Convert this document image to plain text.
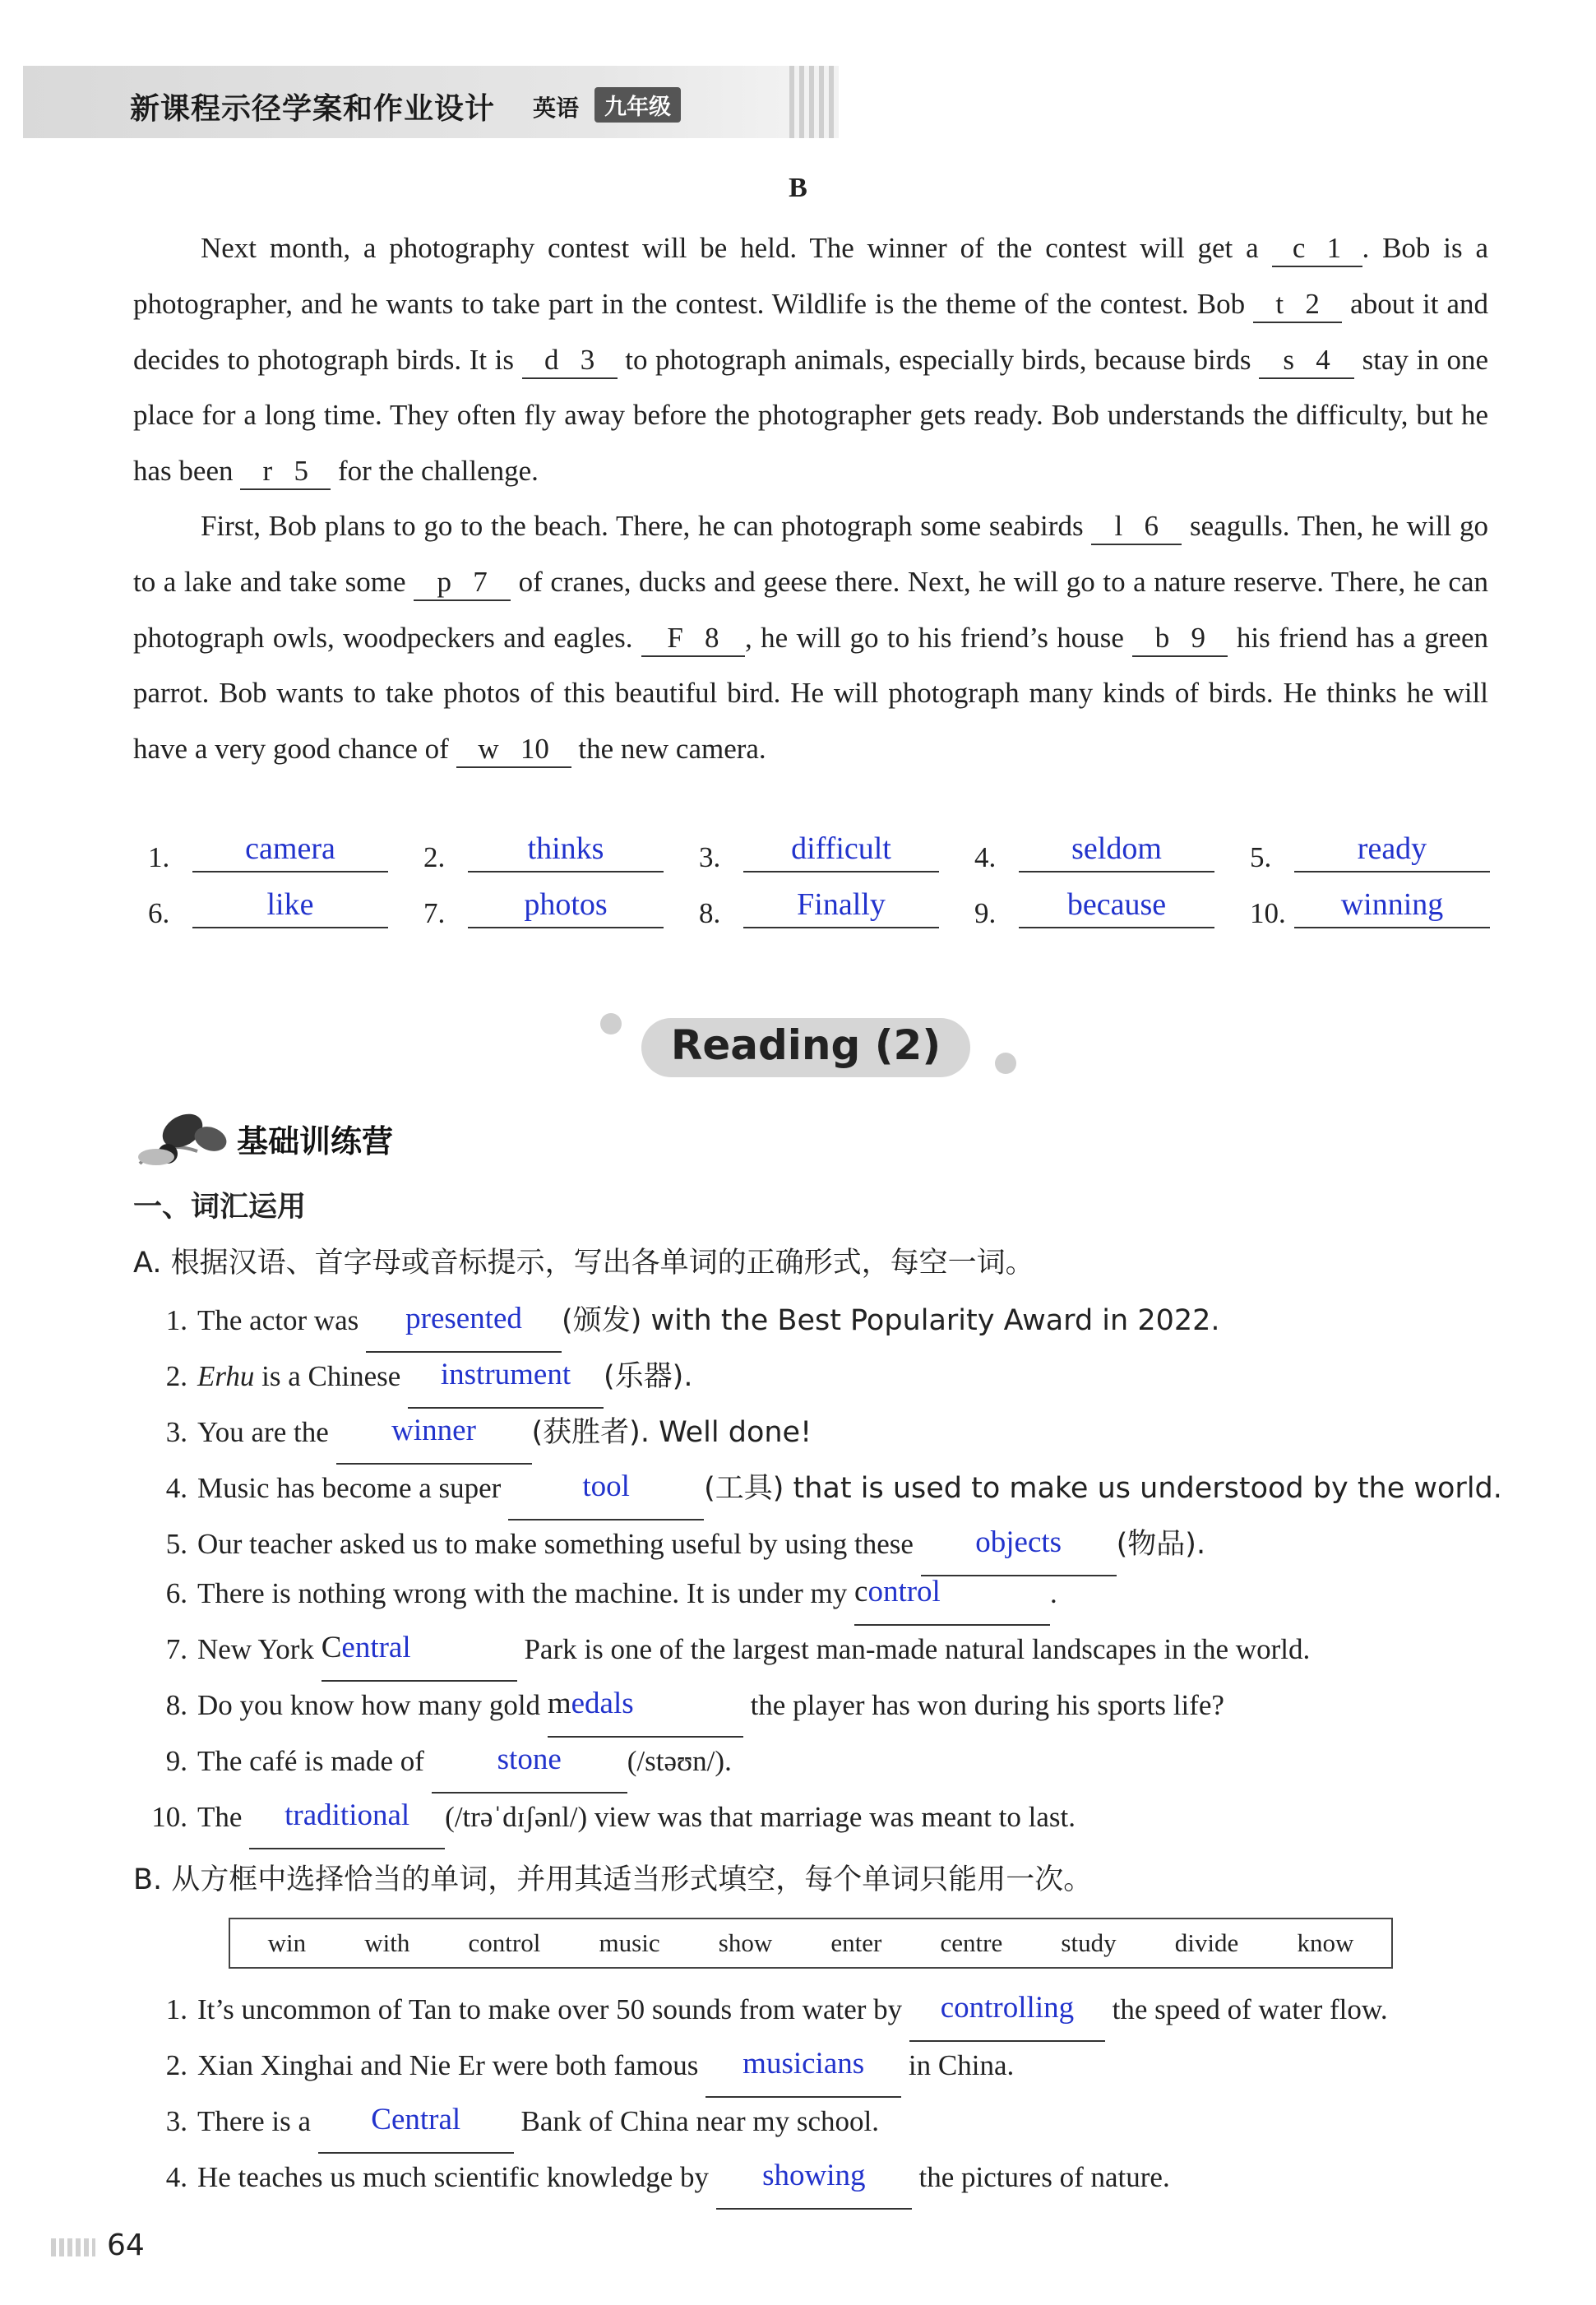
新课程示径学案和作业设计 英语	九年级
B

Next month, a photography contest will be held. The winner of the contest will get a c 1 . Bob is a photographer, and he wants to take part in the contest. Wildlife is the theme of the contest. Bob t 2 about it and decides to photograph birds. It is d 3 to photograph animals, especially birds, because birds s 4 stay in one place for a long time. They often fly away before the photographer gets ready. Bob understands the difficulty, but he has been r 5 for the challenge.

First, Bob plans to go to the beach. There, he can photograph some seabirds l 6 seagulls. Then, he will go to a lake and take some p 7 of cranes, ducks and geese there. Next, he will go to a nature reserve. There, he can photograph owls, woodpeckers and eagles. F 8 , he will go to his friend’s house b 9 his friend has a green parrot. Bob wants to take photos of this beautiful bird. He will photograph many kinds of birds. He thinks he will have a very good chance of w 10 the new camera.

1.	camera	2.	thinks	3.	difficult	4.	seldom	5.	ready
6.	like	7.	photos	8.	Finally	9.	because	10.	winning
Reading (2)
基础训练营
一、词汇运用
A. 根据汉语、首字母或音标提示，写出各单词的正确形式，每空一词。
1. The actor was presented (颁发) with the Best Popularity Award in 2022.
2. Erhu is a Chinese instrument (乐器).
3. You are the winner (获胜者). Well done!
4. Music has become a super tool	(工具) that is used to make us understood by the world.
5. Our teacher asked us to make something useful by using these objects (物品).
6. There is nothing wrong with the machine. It is under my control	.
7. New York Central	Park is one of the largest man-made natural landscapes in the world.
8. Do you know how many gold medals	the player has won during his sports life?
9. The café is made of stone (/stəʊn/).
10. The traditional (/trəˈdɪʃənl/) view was that marriage was meant to last.
B. 从方框中选择恰当的单词，并用其适当形式填空，每个单词只能用一次。
win with control music show enter centre study divide know
1. It’s uncommon of Tan to make over 50 sounds from water by controlling the speed of water flow.
2. Xian Xinghai and Nie Er were both famous musicians in China.
3. There is a Central Bank of China near my school.
4. He teaches us much scientific knowledge by showing the pictures of nature.
64
